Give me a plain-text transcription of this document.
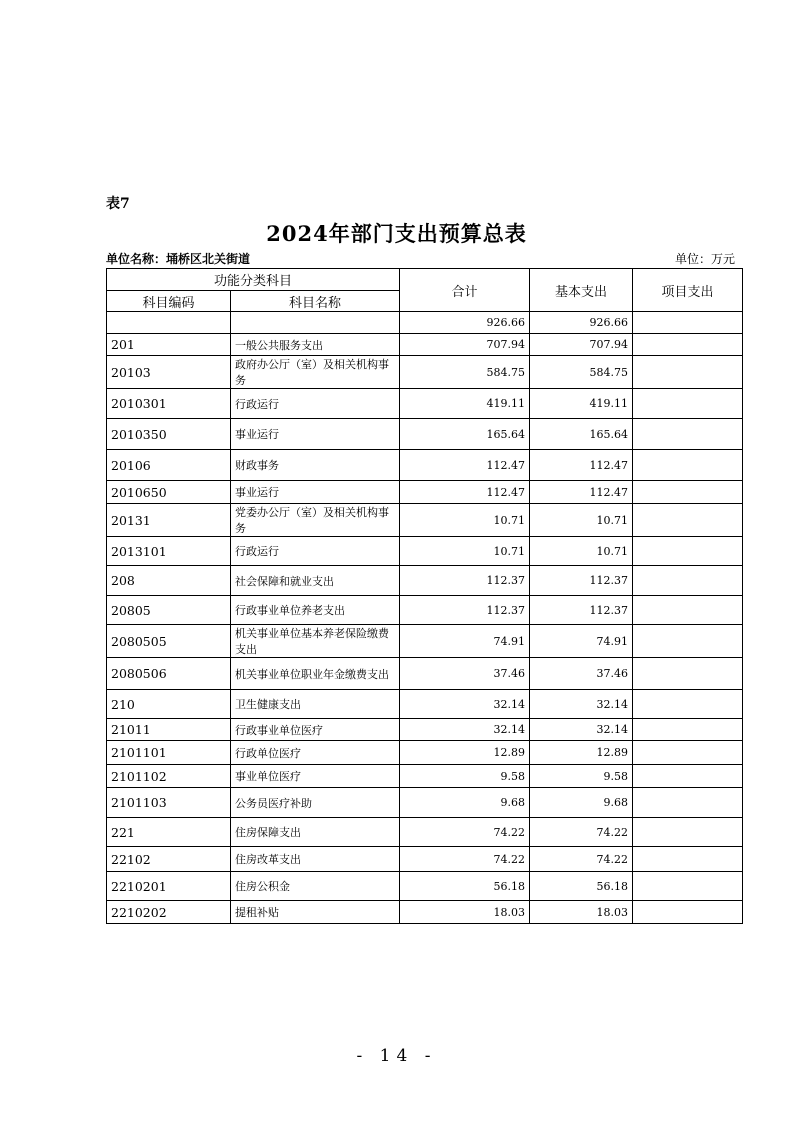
表7
2024年部门支出预算总表
单位名称：埇桥区北关街道	单位：万元
功能分类科目		合计	基本支出	项目支出
科目编码	科目名称			
		926.66	926.66	
201	一般公共服务支出	707.94	707.94	
20103	政府办公厅（室）及相关机构事务	584.75	584.75	
2010301	行政运行	419.11	419.11	
2010350	事业运行	165.64	165.64	
20106	财政事务	112.47	112.47	
2010650	事业运行	112.47	112.47	
20131	党委办公厅（室）及相关机构事务	10.71	10.71	
2013101	行政运行	10.71	10.71	
208	社会保障和就业支出	112.37	112.37	
20805	行政事业单位养老支出	112.37	112.37	
2080505	机关事业单位基本养老保险缴费支出	74.91	74.91	
2080506	机关事业单位职业年金缴费支出	37.46	37.46	
210	卫生健康支出	32.14	32.14	
21011	行政事业单位医疗	32.14	32.14	
2101101	行政单位医疗	12.89	12.89	
2101102	事业单位医疗	9.58	9.58	
2101103	公务员医疗补助	9.68	9.68	
221	住房保障支出	74.22	74.22	
22102	住房改革支出	74.22	74.22	
2210201	住房公积金	56.18	56.18	
2210202	提租补贴	18.03	18.03	
- 14 -
